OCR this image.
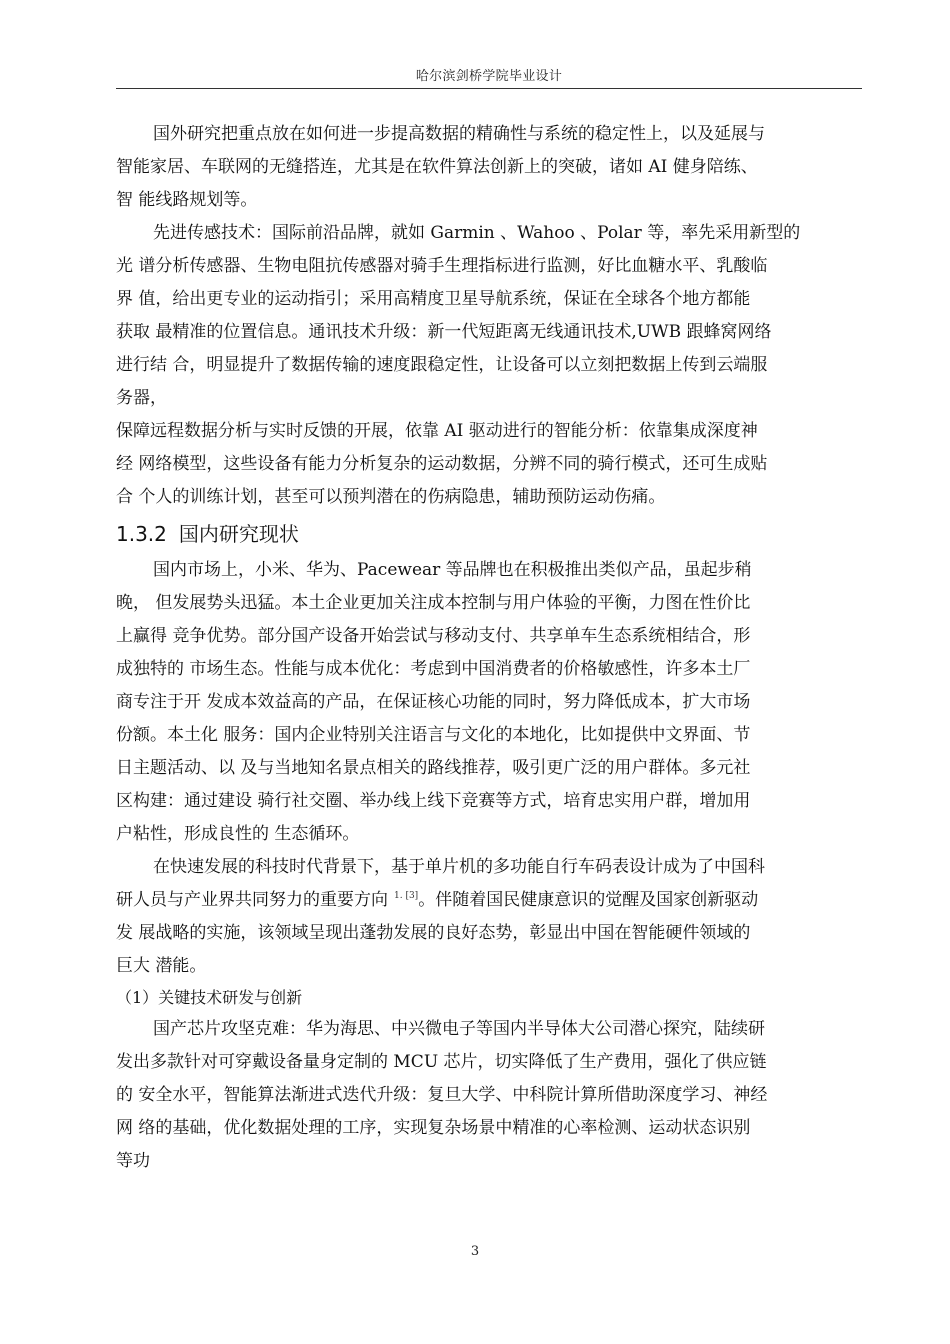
哈尔滨剑桥学院毕业设计
国外研究把重点放在如何进一步提高数据的精确性与系统的稳定性上，以及延展与
智能家居、车联网的无缝搭连，尤其是在软件算法创新上的突破，诸如 AI 健身陪练、
智 能线路规划等。
先进传感技术：国际前沿品牌，就如 Garmin 、Wahoo 、Polar 等，率先采用新型的
光 谱分析传感器、生物电阻抗传感器对骑手生理指标进行监测，好比血糖水平、乳酸临
界 值，给出更专业的运动指引；采用高精度卫星导航系统，保证在全球各个地方都能
获取 最精准的位置信息。通讯技术升级：新一代短距离无线通讯技术,UWB 跟蜂窝网络
进行结 合，明显提升了数据传输的速度跟稳定性，让设备可以立刻把数据上传到云端服
务器，
保障远程数据分析与实时反馈的开展，依靠 AI 驱动进行的智能分析：依靠集成深度神
经 网络模型，这些设备有能力分析复杂的运动数据，分辨不同的骑行模式，还可生成贴
合 个人的训练计划，甚至可以预判潜在的伤病隐患，辅助预防运动伤痛。
1.3.2 国内研究现状
国内市场上，小米、华为、Pacewear 等品牌也在积极推出类似产品，虽起步稍
晚， 但发展势头迅猛。本土企业更加关注成本控制与用户体验的平衡，力图在性价比
上赢得 竞争优势。部分国产设备开始尝试与移动支付、共享单车生态系统相结合，形
成独特的 市场生态。性能与成本优化：考虑到中国消费者的价格敏感性，许多本土厂
商专注于开 发成本效益高的产品，在保证核心功能的同时，努力降低成本，扩大市场
份额。本土化 服务：国内企业特别关注语言与文化的本地化，比如提供中文界面、节
日主题活动、以 及与当地知名景点相关的路线推荐，吸引更广泛的用户群体。多元社
区构建：通过建设 骑行社交圈、举办线上线下竞赛等方式，培育忠实用户群，增加用
户粘性，形成良性的 生态循环。
在快速发展的科技时代背景下，基于单片机的多功能自行车码表设计成为了中国科
研人员与产业界共同努力的重要方向 $^{1. [3]}$。伴随着国民健康意识的觉醒及国家创新驱动
发 展战略的实施，该领域呈现出蓬勃发展的良好态势，彰显出中国在智能硬件领域的
巨大 潜能。
（1）关键技术研发与创新
国产芯片攻坚克难：华为海思、中兴微电子等国内半导体大公司潜心探究，陆续研
发出多款针对可穿戴设备量身定制的 MCU 芯片，切实降低了生产费用，强化了供应链
的 安全水平，智能算法渐进式迭代升级：复旦大学、中科院计算所借助深度学习、神经
网 络的基础，优化数据处理的工序，实现复杂场景中精准的心率检测、运动状态识别
等功
3
